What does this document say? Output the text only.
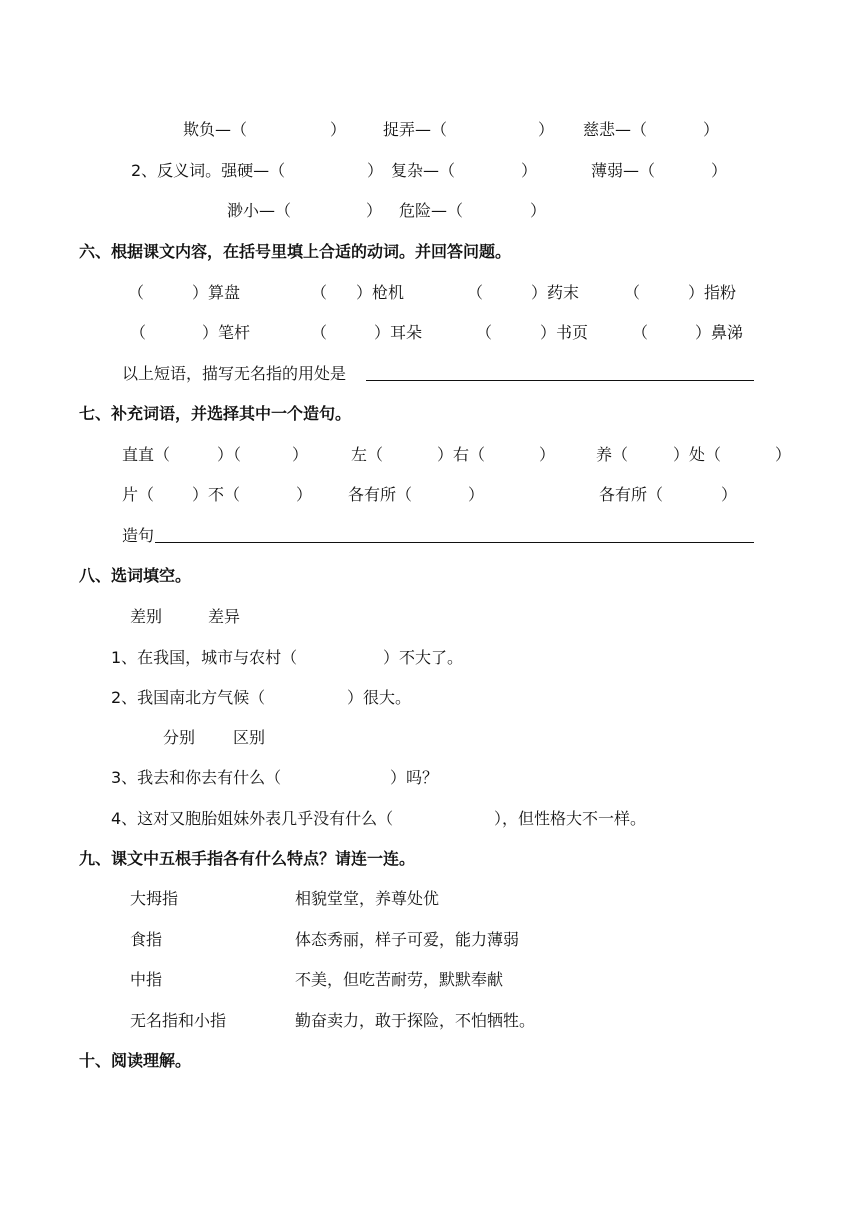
欺负—（	） 捉弄—（	） 慈悲—（	）
2、反义词。强硬—（	） 复杂—（	）	薄弱—（	）
渺小—（	） 危险—（	）
六、根据课文内容，在括号里填上合适的动词。并回答问题。
（	）算盘	（ ）枪机	（	）药末	（	）指粉
（	）笔杆	（	）耳朵	（	）书页	（	）鼻涕
以上短语，描写无名指的用处是
七、补充词语，并选择其中一个造句。
直直（	）（	）	左（	）右（	）	养（	）处（	）
片（ ）不（	） 各有所（	）	各有所（	）
造句
八、选词填空。
差别	差异
1、在我国，城市与农村（	）不大了。
2、我国南北方气候（	）很大。
分别 区别
3、我去和你去有什么（	）吗？
4、这对又胞胎姐妹外表几乎没有什么（	），但性格大不一样。
九、课文中五根手指各有什么特点？请连一连。
大拇指	相貌堂堂，养尊处优
食指	体态秀丽，样子可爱，能力薄弱
中指	不美，但吃苦耐劳，默默奉献
无名指和小指	勤奋卖力，敢于探险，不怕牺牲。
十、阅读理解。
